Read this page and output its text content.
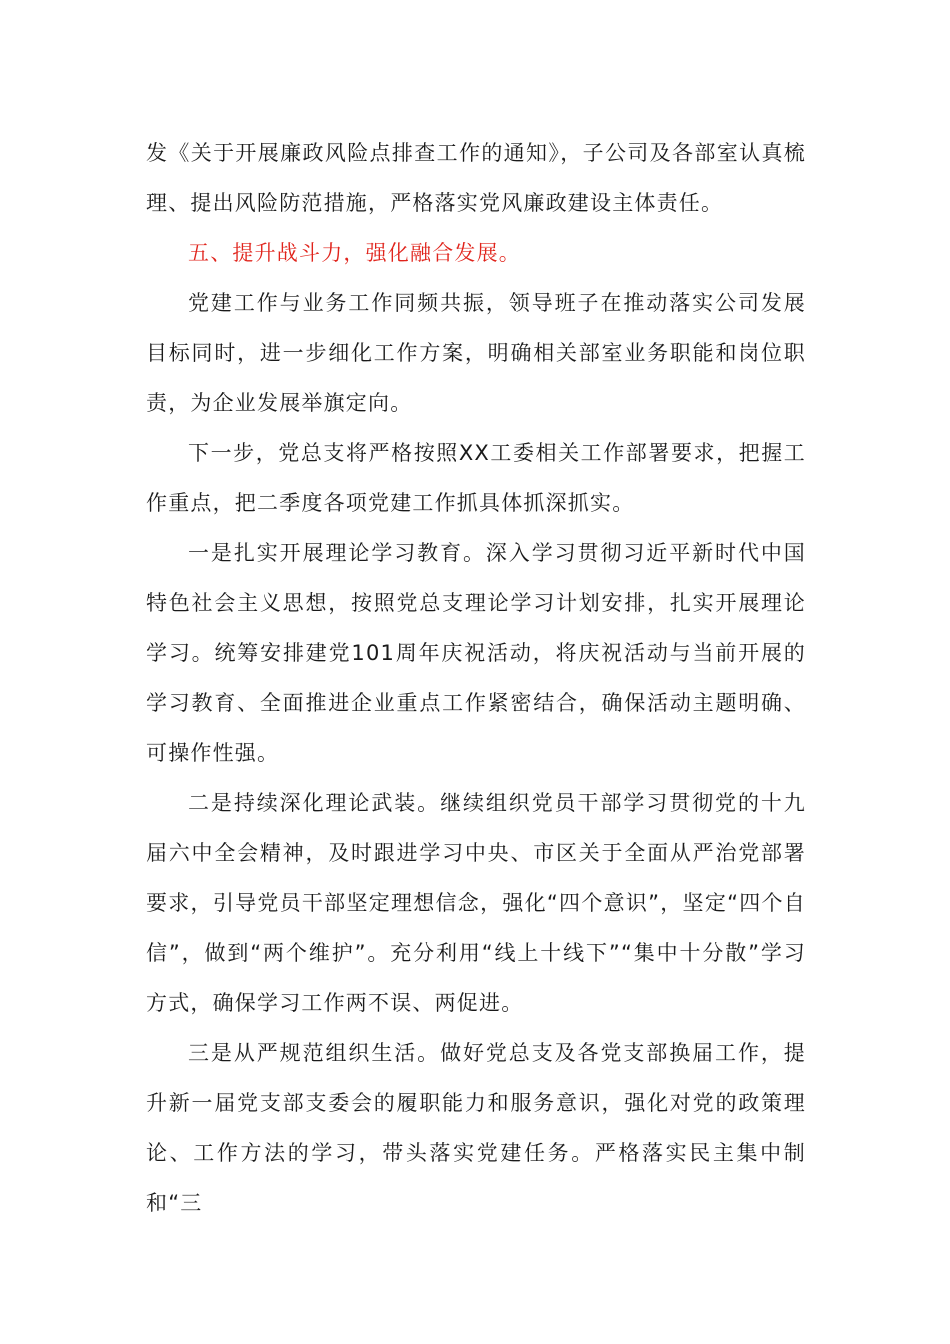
发《关于开展廉政风险点排查工作的通知》，子公司及各部室认真梳理、提出风险防范措施，严格落实党风廉政建设主体责任。

五、提升战斗力，强化融合发展。

党建工作与业务工作同频共振，领导班子在推动落实公司发展目标同时，进一步细化工作方案，明确相关部室业务职能和岗位职责，为企业发展举旗定向。

下一步，党总支将严格按照XX工委相关工作部署要求，把握工作重点，把二季度各项党建工作抓具体抓深抓实。

一是扎实开展理论学习教育。深入学习贯彻习近平新时代中国特色社会主义思想，按照党总支理论学习计划安排，扎实开展理论学习。统筹安排建党101周年庆祝活动，将庆祝活动与当前开展的学习教育、全面推进企业重点工作紧密结合，确保活动主题明确、可操作性强。

二是持续深化理论武装。继续组织党员干部学习贯彻党的十九届六中全会精神，及时跟进学习中央、市区关于全面从严治党部署要求，引导党员干部坚定理想信念，强化“四个意识”，坚定“四个自信”，做到“两个维护”。充分利用“线上十线下”“集中十分散”学习方式，确保学习工作两不误、两促进。

三是从严规范组织生活。做好党总支及各党支部换届工作，提升新一届党支部支委会的履职能力和服务意识，强化对党的政策理论、工作方法的学习，带头落实党建任务。严格落实民主集中制和“三
